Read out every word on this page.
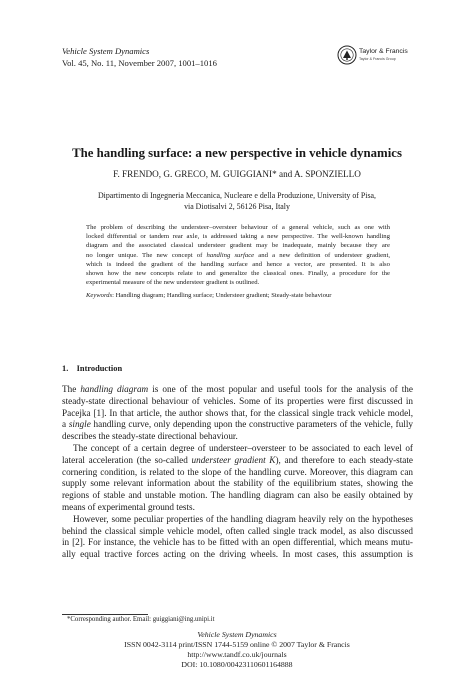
Vehicle System Dynamics
Vol. 45, No. 11, November 2007, 1001–1016
Taylor & Francis
Taylor & Francis Group
The handling surface: a new perspective in vehicle dynamics
F. FRENDO, G. GRECO, M. GUIGGIANI* and A. SPONZIELLO
Dipartimento di Ingegneria Meccanica, Nucleare e della Produzione, University of Pisa,
via Diotisalvi 2, 56126 Pisa, Italy
The problem of describing the understeer–oversteer behaviour of a general vehicle, such as one with
locked differential or tandem rear axle, is addressed taking a new perspective. The well-known handling
diagram and the associated classical understeer gradient may be inadequate, mainly because they are
no longer unique. The new concept of handling surface and a new definition of understeer gradient,
which is indeed the gradient of the handling surface and hence a vector, are presented. It is also
shown how the new concepts relate to and generalize the classical ones. Finally, a procedure for the
experimental measure of the new understeer gradient is outlined.
Keywords: Handling diagram; Handling surface; Understeer gradient; Steady-state behaviour
1. Introduction
The handling diagram is one of the most popular and useful tools for the analysis of the
steady-state directional behaviour of vehicles. Some of its properties were first discussed in
Pacejka [1]. In that article, the author shows that, for the classical single track vehicle model,
a single handling curve, only depending upon the constructive parameters of the vehicle, fully
describes the steady-state directional behaviour.
The concept of a certain degree of understeer–oversteer to be associated to each level of
lateral acceleration (the so-called understeer gradient K), and therefore to each steady-state
cornering condition, is related to the slope of the handling curve. Moreover, this diagram can
supply some relevant information about the stability of the equilibrium states, showing the
regions of stable and unstable motion. The handling diagram can also be easily obtained by
means of experimental ground tests.
However, some peculiar properties of the handling diagram heavily rely on the hypotheses
behind the classical simple vehicle model, often called single track model, as also discussed
in [2]. For instance, the vehicle has to be fitted with an open differential, which means mutu-
ally equal tractive forces acting on the driving wheels. In most cases, this assumption is
*Corresponding author. Email: guiggiani@ing.unipi.it
Vehicle System Dynamics
ISSN 0042-3114 print/ISSN 1744-5159 online © 2007 Taylor & Francis
http://www.tandf.co.uk/journals
DOI: 10.1080/00423110601164888
